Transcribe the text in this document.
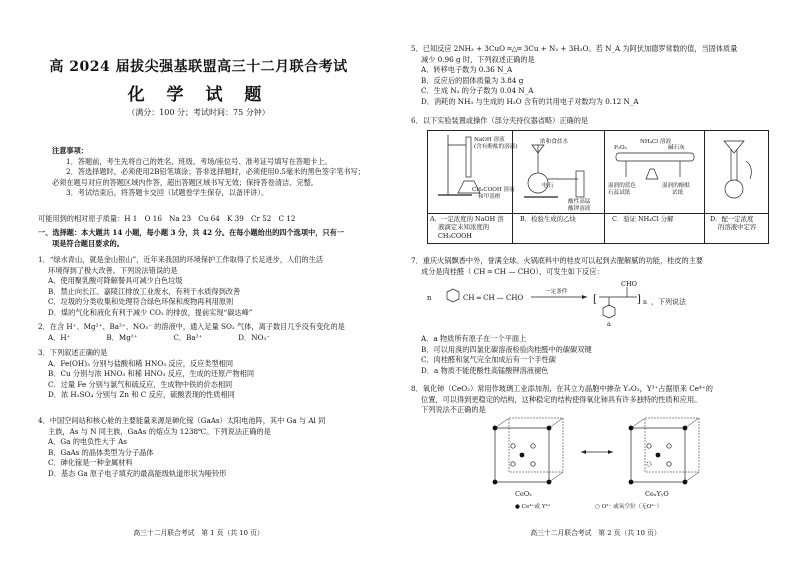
高 2024 届拔尖强基联盟高三十二月联合考试
化 学 试 题
（满分：100 分；考试时间：75 分钟）

注意事项：

1．答题前，考生先将自己的姓名、班级、考场/座位号、准考证号填写在答题卡上。

2．答选择题时，必须使用2B铅笔填涂；答非选择题时，必须使用0.5毫米的黑色签字笔书写；

必须在题号对应的答题区域内作答，超出答题区域书写无效；保持答卷清洁、完整。

3．考试结束后，将答题卡交回（试题卷学生保存，以备评讲）。

可能用到的相对原子质量：H 1　O 16　Na 23　Cu 64　K 39　Cr 52　C 12

一、选择题：本大题共 14 小题，每小题 3 分，共 42 分。在每小题给出的四个选项中，只有一

项是符合题目要求的。

1．“绿水青山，就是金山银山”，近年来我国的环境保护工作取得了长足进步，人们的生活

环境得到了极大改善。下列说法错误的是

A．使用聚乳酸可降解餐具可减少白色垃圾

B．禁止向长江、嘉陵江排放工业废水，有利于水质得到改善

C．垃圾的分类收集和处理符合绿色环保和废物再利用原则

D．煤的气化和液化有利于减少 CO₂ 的排放，提前实现“碳达峰”

2．在含 H⁺、Mg²⁺、Ba²⁺、NO₃⁻ 的溶液中，通入足量 SO₂ 气体，离子数目几乎没有变化的是

A．H⁺　　　　　B．Mg²⁺　　　　　C．Ba²⁺　　　　　D．NO₃⁻

3．下列叙述正确的是

A．Fe(OH)₃ 分别与盐酸和稀 HNO₃ 反应，反应类型相同

B．Cu 分别与浓 HNO₃ 和稀 HNO₃ 反应，生成的还原产物相同

C．过量 Fe 分别与氯气和硫反应，生成物中铁的价态相同

D．浓 H₂SO₄ 分别与 Zn 和 C 反应，硫酸表现的性质相同

4．中国空间站和核心舱的主要能量来源是砷化镓（GaAs）太阳电池阵，其中 Ga 与 Al 同

主族，As 与 N 同主族，GaAs 的熔点为 1238℃。下列说法正确的是

A．Ga 的电负性大于 As

B．GaAs 的晶体类型为分子晶体

C．砷化镓是一种金属材料

D．基态 Ga 原子电子填充的最高能级轨道形状为哑铃形

高三十二月联合考试　第 1 页（共 10 页）

5．已知反应 2NH₃ + 3CuO ═△═ 3Cu + N₂ + 3H₂O。若 N_A 为阿伏加德罗常数的值，当固体质量

减少 0.96 g 时，下列叙述正确的是

A．转移电子数为 0.36 N_A

B．反应后的固体质量为 3.84 g

C．生成 N₂ 的分子数为 0.04 N_A

D．消耗的 NH₃ 与生成的 H₂O 含有的共用电子对数均为 0.12 N_A

6．以下实验装置或操作（部分夹持仪器省略）正确的是

NaOH 溶液
(含有酚酞的溶液)
CH₃COOH 溶液
和甲基橙
浓和食盐水
电石
酸性高锰
酸钾溶液
P₂O₅
NH₄Cl 溶液
碱石灰
湿润的蓝色
石蕊试纸
湿润的酚酞
试纸
A．一定浓度的 NaOH 溶
液滴定未知浓度的
CH₃COOH
B．检验生成的乙炔	C．验证 NH₄Cl 分解	D．配一定浓度
的溶液中定容

7．重庆火锅飘香中外，誉满全球。火锅底料中的桂皮可以起到去腥解腻的功能，桂皮的主要

成分是肉桂醛（ CH ═ CH — CHO），可发生如下反应：

n	CH ═ CH — CHO
一定条件
[	] n
CHO
a
，下列说法

A．a 物质所有原子在一个平面上

B．可以用溴的四氯化碳溶液检验肉桂醛中的碳碳双键

C．肉桂醛和氢气完全加成后有一个手性碳

D．a 物质不能使酸性高锰酸钾溶液褪色

8．氧化铈（CeO₂）常用作玻璃工业添加剂，在其立方晶胞中掺杂 Y₂O₃，Y³⁺占据原来 Ce⁴⁺的

位置，可以得到更稳定的结构，这种稳定的结构使得氧化铈具有许多独特的性质和应用。

下列说法不正确的是

CeO₂	CeₓYᵧO
● Ce⁴⁺或 Y³⁺	○ O²⁻ 或氧空位（无O²⁻）
高三十二月联合考试　第 2 页（共 10 页）
